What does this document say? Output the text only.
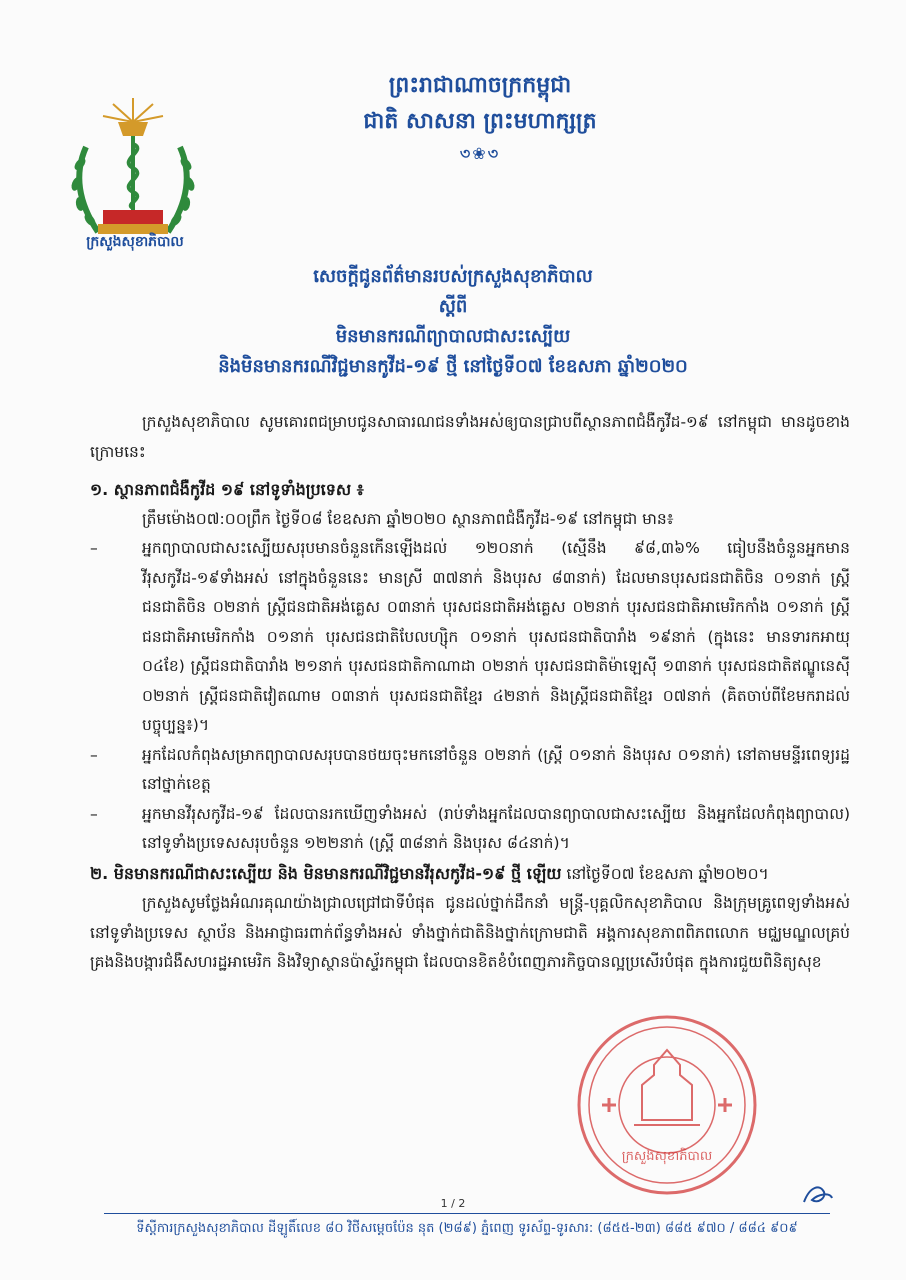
ក្រសួងសុខាភិបាល
ព្រះរាជាណាចក្រកម្ពុជា
ជាតិ សាសនា ព្រះមហាក្សត្រ
৩❀৩
សេចក្ដីជូនព័ត៌មានរបស់ក្រសួងសុខាភិបាល
ស្ដីពី
មិនមានករណីព្យាបាលជាសះស្បើយ
និងមិនមានករណីវិជ្ជមានកូវីដ-១៩ ថ្មី នៅថ្ងៃទី០៧ ខែឧសភា ឆ្នាំ២០២០

ក្រសួងសុខាភិបាល សូមគោរពជម្រាបជូនសាធារណជនទាំងអស់ឲ្យបានជ្រាបពីស្ថានភាពជំងឺកូវីដ-១៩ នៅកម្ពុជា មានដូចខាងក្រោមនេះ

១. ស្ថានភាពជំងឺកូវីដ ១៩ នៅទូទាំងប្រទេស ៖

ត្រឹមម៉ោង០៧:០០ព្រឹក ថ្ងៃទី០៨ ខែឧសភា ឆ្នាំ២០២០ ស្ថានភាពជំងឺកូវីដ-១៩ នៅកម្ពុជា មាន៖

–	អ្នកព្យាបាលជាសះស្បើយសរុបមានចំនួនកើនឡើងដល់ ១២០នាក់ (ស្មើនឹង ៩៨,៣៦% ធៀបនឹងចំនួនអ្នកមានវីរុសកូវីដ-១៩ទាំងអស់ នៅក្នុងចំនួននេះ មានស្រី ៣៧នាក់ និងបុរស ៨៣នាក់) ដែលមានបុរសជនជាតិចិន ០១នាក់ ស្ត្រីជនជាតិចិន ០២នាក់ ស្ត្រីជនជាតិអង់គ្លេស ០៣នាក់ បុរសជនជាតិអង់គ្លេស ០២នាក់ បុរសជនជាតិអាមេរិកកាំង ០១នាក់ ស្ត្រីជនជាតិអាមេរិកកាំង ០១នាក់ បុរសជនជាតិបែលហ្ស៊ិក ០១នាក់ បុរសជនជាតិបារាំង ១៩នាក់ (ក្នុងនេះ មានទារកអាយុ ០៤ខែ) ស្ត្រីជនជាតិបារាំង ២១នាក់ បុរសជនជាតិកាណាដា ០២នាក់ បុរសជនជាតិម៉ាឡេស៊ី ១៣នាក់ បុរសជនជាតិឥណ្ឌូនេស៊ី ០២នាក់ ស្ត្រីជនជាតិវៀតណាម ០៣នាក់ បុរសជនជាតិខ្មែរ ៤២នាក់ និងស្ត្រីជនជាតិខ្មែរ ០៧នាក់ (គិតចាប់ពីខែមករាដល់បច្ចុប្បន្ន៖)។
–	អ្នកដែលកំពុងសម្រាកព្យាបាលសរុបបានថយចុះមកនៅចំនួន ០២នាក់ (ស្ត្រី ០១នាក់ និងបុរស ០១នាក់) នៅតាមមន្ទីរពេទ្យរដ្ឋនៅថ្នាក់ខេត្ត
–	អ្នកមានវីរុសកូវីដ-១៩ ដែលបានរកឃើញទាំងអស់ (រាប់ទាំងអ្នកដែលបានព្យាបាលជាសះស្បើយ និងអ្នកដែលកំពុងព្យាបាល) នៅទូទាំងប្រទេសសរុបចំនួន ១២២នាក់ (ស្ត្រី ៣៨នាក់ និងបុរស ៨៤នាក់)។

២. មិនមានករណីជាសះស្បើយ និង មិនមានករណីវិជ្ជមានវីរុសកូវីដ-១៩ ថ្មី ឡើយ នៅថ្ងៃទី០៧ ខែឧសភា ឆ្នាំ២០២០។

ក្រសួងសូមថ្លែងអំណរគុណយ៉ាងជ្រាលជ្រៅជាទីបំផុត ជូនដល់ថ្នាក់ដឹកនាំ មន្ត្រី-បុគ្គលិកសុខាភិបាល និងក្រុមគ្រូពេទ្យទាំងអស់នៅទូទាំងប្រទេស ស្ថាប័ន និងអាជ្ញាធរពាក់ព័ន្ធទាំងអស់ ទាំងថ្នាក់ជាតិនិងថ្នាក់ក្រោមជាតិ អង្គការសុខភាពពិភពលោក មជ្ឈមណ្ឌលគ្រប់គ្រងនិងបង្ការជំងឺសហរដ្ឋអាមេរិក និងវិទ្យាស្ថានប៉ាស្ទ័រកម្ពុជា ដែលបានខិតខំបំពេញភារកិច្ចបានល្អប្រសើរបំផុត ក្នុងការជួយពិនិត្យសុខ

ក្រសួងសុខាភិបាល
1 / 2
ទីស្ដីការក្រសួងសុខាភិបាល ដីឡូតិ៍លេខ ៨០ វិថីសម្ដេចប៉ែន នុត (២៨៩) ភ្នំពេញ ទូរស័ព្ទ-ទូរសារ: (៨៥៥-២៣) ៨៨៥ ៩៧០ / ៨៨៤ ៩០៩
